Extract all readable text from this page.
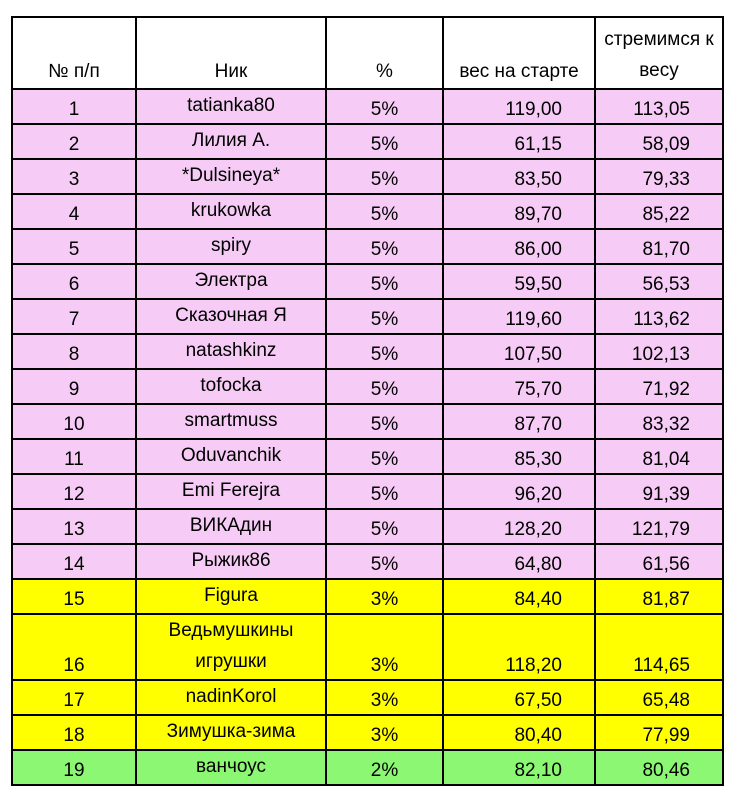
№ п/п	Ник	%	вес на старте	стремимся к весу
1	tatianka80	5%	119,00	113,05
2	Лилия А.	5%	61,15	58,09
3	*Dulsineya*	5%	83,50	79,33
4	krukowka	5%	89,70	85,22
5	spiry	5%	86,00	81,70
6	Электра	5%	59,50	56,53
7	Сказочная Я	5%	119,60	113,62
8	natashkinz	5%	107,50	102,13
9	tofocka	5%	75,70	71,92
10	smartmuss	5%	87,70	83,32
11	Oduvanchik	5%	85,30	81,04
12	Emi Ferejra	5%	96,20	91,39
13	ВИКАдин	5%	128,20	121,79
14	Рыжик86	5%	64,80	61,56
15	Figura	3%	84,40	81,87
16	Ведьмушкины игрушки	3%	118,20	114,65
17	nadinKorol	3%	67,50	65,48
18	Зимушка-зима	3%	80,40	77,99
19	ванчоус	2%	82,10	80,46
